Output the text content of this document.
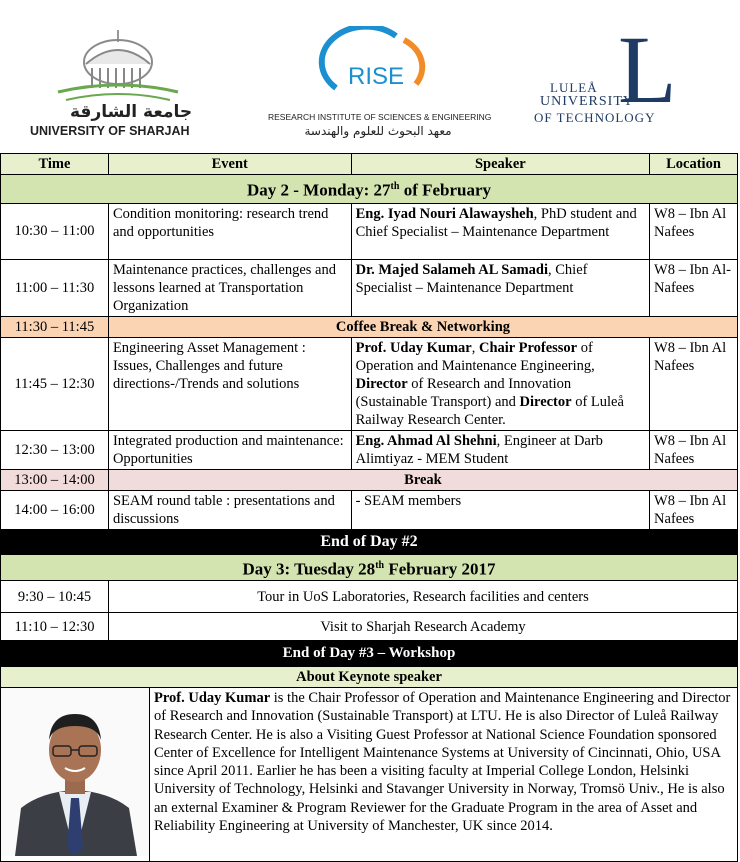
جامعة الشارقة
UNIVERSITY OF SHARJAH
RISE
RESEARCH INSTITUTE OF SCIENCES & ENGINEERING
معهد البحوث للعلوم والهندسة
L
LULEÅ
UNIVERSITY
OF TECHNOLOGY
Time	Event	Speaker	Location
Day 2 - Monday: 27th of February			
10:30 – 11:00	Condition monitoring: research trend and opportunities	Eng. Iyad Nouri Alawaysheh, PhD student and Chief Specialist – Maintenance Department	W8 – Ibn Al Nafees
11:00 – 11:30	Maintenance practices, challenges and lessons learned at Transportation Organization	Dr. Majed Salameh AL Samadi, Chief Specialist – Maintenance Department	W8 – Ibn Al-Nafees
11:30 – 11:45	Coffee Break & Networking		
11:45 – 12:30	Engineering Asset Management : Issues, Challenges and future directions-/Trends and solutions	Prof. Uday Kumar, Chair Professor of Operation and Maintenance Engineering, Director of Research and Innovation (Sustainable Transport) and Director of Luleå Railway Research Center.	W8 – Ibn Al Nafees
12:30 – 13:00	Integrated production and maintenance: Opportunities	Eng. Ahmad Al Shehni, Engineer at Darb Alimtiyaz - MEM Student	W8 – Ibn Al Nafees
13:00 – 14:00	Break		
14:00 – 16:00	SEAM round table : presentations and discussions	- SEAM members	W8 – Ibn Al Nafees
End of Day #2			
Day 3: Tuesday 28th February 2017			
9:30 – 10:45	Tour in UoS Laboratories, Research facilities and centers		
11:10 – 12:30	Visit to Sharjah Research Academy		
End of Day #3 – Workshop			
About Keynote speaker
	Prof. Uday Kumar is the Chair Professor of Operation and Maintenance Engineering and Director of Research and Innovation (Sustainable Transport) at LTU. He is also Director of Luleå Railway Research Center. He is also a Visiting Guest Professor at National Science Foundation sponsored Center of Excellence for Intelligent Maintenance Systems at University of Cincinnati, Ohio, USA since April 2011. Earlier he has been a visiting faculty at Imperial College London, Helsinki University of Technology, Helsinki and Stavanger University in Norway, Tromsö Univ., He is also an external Examiner & Program Reviewer for the Graduate Program in the area of Asset and Reliability Engineering at University of Manchester, UK since 2014.
